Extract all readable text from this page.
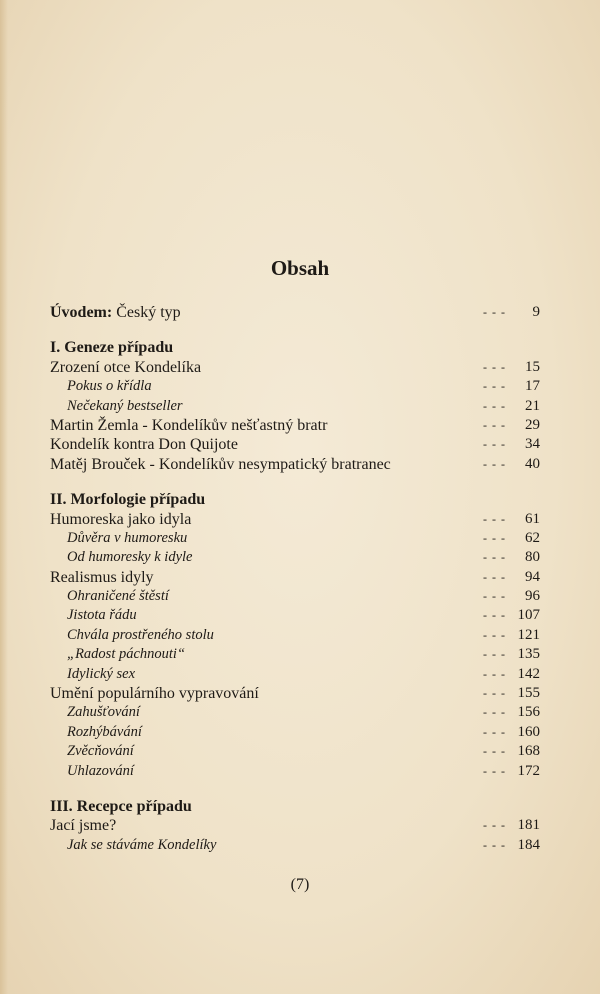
Obsah
Úvodem: Český typ	- - - 9
I. Geneze případu
Zrození otce Kondelíka	- - - 15
Pokus o křídla	- - - 17
Nečekaný bestseller	- - - 21
Martin Žemla - Kondelíkův nešťastný bratr	- - - 29
Kondelík kontra Don Quijote	- - - 34
Matěj Brouček - Kondelíkův nesympatický bratranec	- - - 40
II. Morfologie případu
Humoreska jako idyla	- - - 61
Důvěra v humoresku	- - - 62
Od humoresky k idyle	- - - 80
Realismus idyly	- - - 94
Ohraničené štěstí	- - - 96
Jistota řádu	- - - 107
Chvála prostřeného stolu	- - - 121
„Radost páchnouti“	- - - 135
Idylický sex	- - - 142
Umění populárního vypravování	- - - 155
Zahušťování	- - - 156
Rozhýbávání	- - - 160
Zvěcňování	- - - 168
Uhlazování	- - - 172
III. Recepce případu
Jací jsme?	- - - 181
Jak se stáváme Kondelíky	- - - 184
(7)
